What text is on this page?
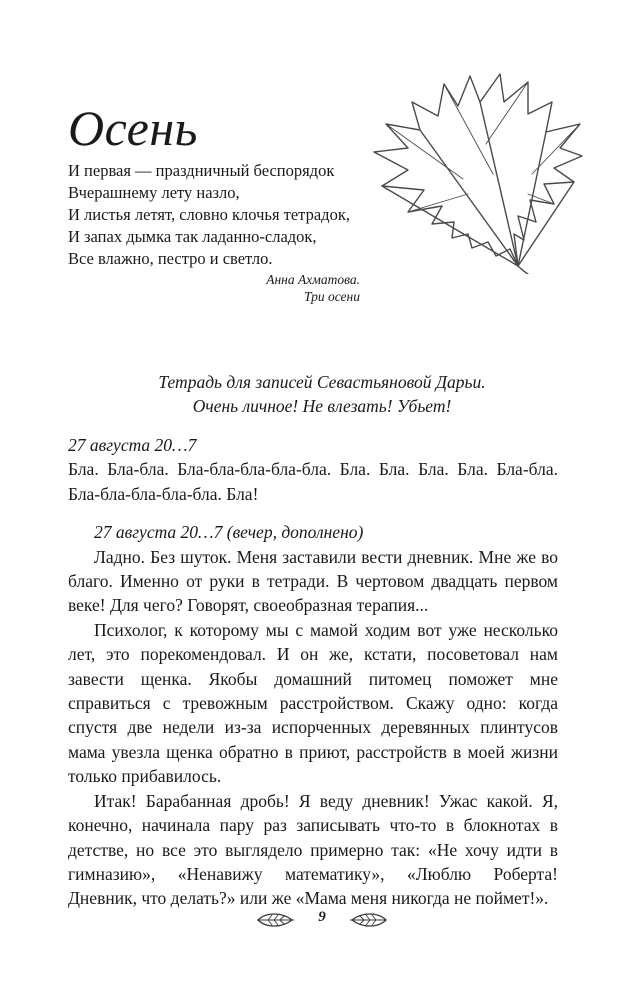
Осень
И первая — праздничный беспорядок
Вчерашнему лету назло,
И листья летят, словно клочья тетрадок,
И запах дымка так ладанно-сладок,
Все влажно, пестро и светло.
Анна Ахматова.
Три осени
Тетрадь для записей Севастьяновой Дарьи.
Очень личное! Не влезать! Убьет!

27 августа 20…7

Бла. Бла-бла. Бла-бла-бла-бла-бла. Бла. Бла. Бла. Бла. Бла-бла. Бла-бла-бла-бла-бла. Бла!

27 августа 20…7 (вечер, дополнено)

Ладно. Без шуток. Меня заставили вести дневник. Мне же во благо. Именно от руки в тетради. В чертовом двадцать первом веке! Для чего? Говорят, своеобразная терапия...

Психолог, к которому мы с мамой ходим вот уже несколько лет, это порекомендовал. И он же, кстати, посоветовал нам завести щенка. Якобы домашний питомец поможет мне справиться с тревожным расстройством. Скажу одно: когда спустя две недели из-за испорченных деревянных плинтусов мама увезла щенка обратно в приют, расстройств в моей жизни только прибавилось.

Итак! Барабанная дробь! Я веду дневник! Ужас какой. Я, конечно, начинала пару раз записывать что-то в блокнотах в детстве, но все это выглядело примерно так: «Не хочу идти в гимназию», «Ненавижу математику», «Люблю Роберта! Дневник, что делать?» или же «Мама меня никогда не поймет!».

9
